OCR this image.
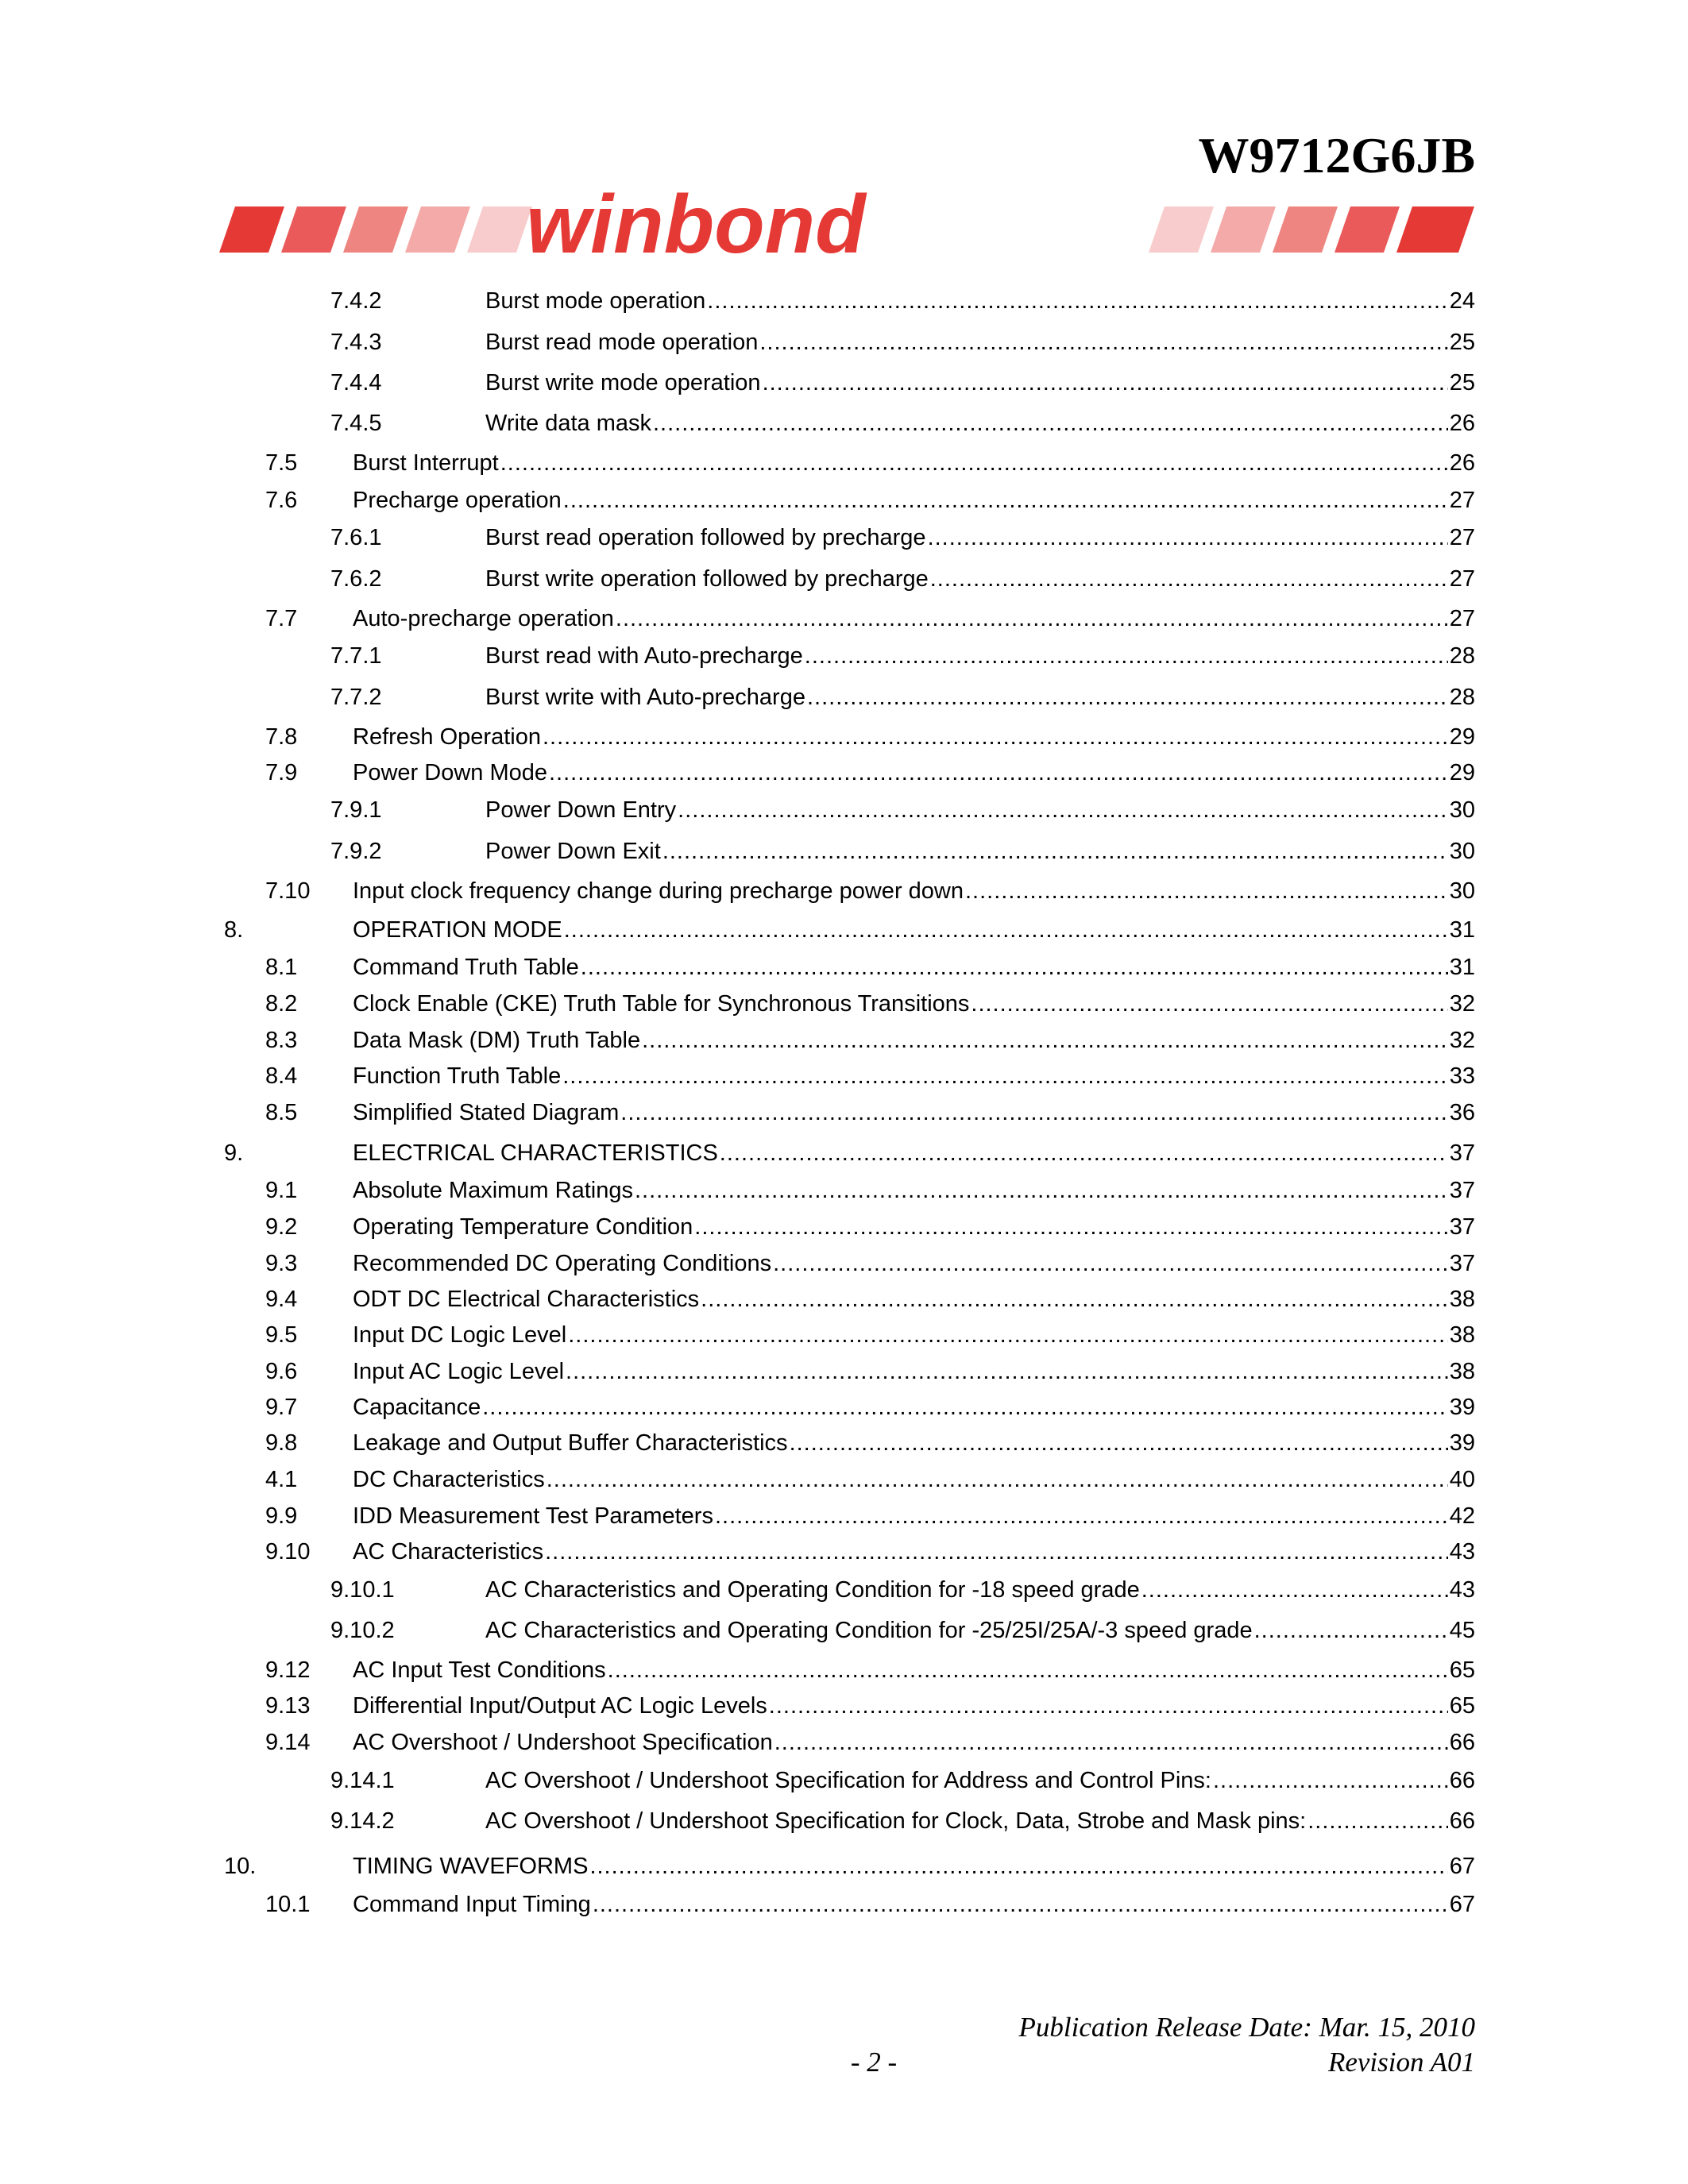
W9712G6JB
winbond
7.4.2	Burst mode operation .....	24
7.4.3	Burst read mode operation .....	25
7.4.4	Burst write mode operation .....	25
7.4.5	Write data mask .....	26
7.5 Burst Interrupt .....	26
7.6 Precharge operation .....	27
7.6.1	Burst read operation followed by precharge .....	27
7.6.2	Burst write operation followed by precharge .....	27
7.7 Auto-precharge operation .....	27
7.7.1	Burst read with Auto-precharge .....	28
7.7.2	Burst write with Auto-precharge .....	28
7.8 Refresh Operation .....	29
7.9 Power Down Mode .....	29
7.9.1	Power Down Entry .....	30
7.9.2	Power Down Exit .....	30
7.10 Input clock frequency change during precharge power down .....	30
8.	OPERATION MODE .....	31
8.1 Command Truth Table .....	31
8.2 Clock Enable (CKE) Truth Table for Synchronous Transitions .....	32
8.3 Data Mask (DM) Truth Table .....	32
8.4 Function Truth Table .....	33
8.5 Simplified Stated Diagram .....	36
9.	ELECTRICAL CHARACTERISTICS .....	37
9.1 Absolute Maximum Ratings .....	37
9.2 Operating Temperature Condition .....	37
9.3 Recommended DC Operating Conditions .....	37
9.4 ODT DC Electrical Characteristics .....	38
9.5 Input DC Logic Level .....	38
9.6 Input AC Logic Level .....	38
9.7 Capacitance .....	39
9.8 Leakage and Output Buffer Characteristics .....	39
4.1 DC Characteristics .....	40
9.9 IDD Measurement Test Parameters .....	42
9.10 AC Characteristics .....	43
9.10.1	AC Characteristics and Operating Condition for -18 speed grade .....	43
9.10.2	AC Characteristics and Operating Condition for -25/25I/25A/-3 speed grade .....	45
9.12 AC Input Test Conditions .....	65
9.13 Differential Input/Output AC Logic Levels .....	65
9.14 AC Overshoot / Undershoot Specification .....	66
9.14.1	AC Overshoot / Undershoot Specification for Address and Control Pins: .....	66
9.14.2	AC Overshoot / Undershoot Specification for Clock, Data, Strobe and Mask pins: .....	66
10.	TIMING WAVEFORMS .....	67
10.1 Command Input Timing .....	67
Publication Release Date: Mar. 15, 2010
- 2 -	Revision A01
